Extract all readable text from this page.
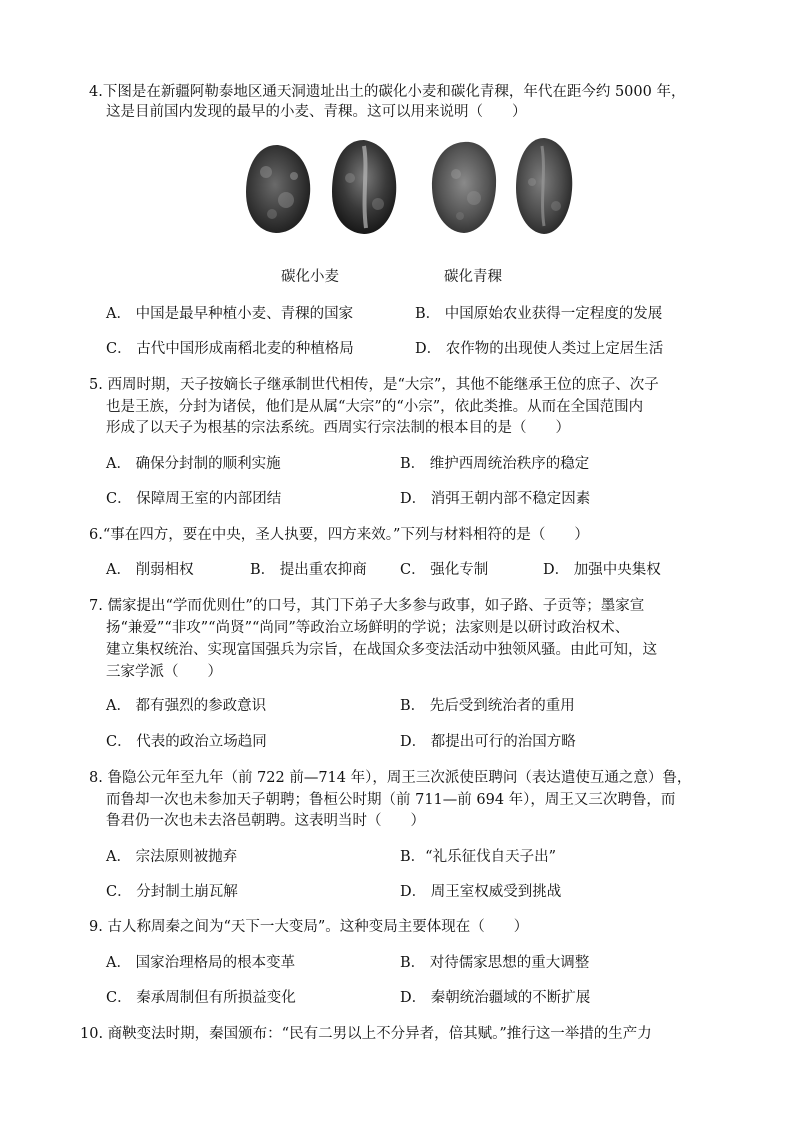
4.下图是在新疆阿勒泰地区通天洞遗址出土的碳化小麦和碳化青稞，年代在距今约 5000 年，
这是目前国内发现的最早的小麦、青稞。这可以用来说明（　　）
碳化小麦	碳化青稞
A． 中国是最早种植小麦、青稞的国家	B． 中国原始农业获得一定程度的发展
C． 古代中国形成南稻北麦的种植格局	D． 农作物的出现使人类过上定居生活
5. 西周时期，天子按嫡长子继承制世代相传，是“大宗”，其他不能继承王位的庶子、次子
也是王族，分封为诸侯，他们是从属“大宗”的“小宗”，依此类推。从而在全国范围内
形成了以天子为根基的宗法系统。西周实行宗法制的根本目的是（　　）
A． 确保分封制的顺利实施	B． 维护西周统治秩序的稳定
C． 保障周王室的内部团结	D． 消弭王朝内部不稳定因素
6.“事在四方，要在中央，圣人执要，四方来效。”下列与材料相符的是（　　）
A． 削弱相权	B． 提出重农抑商 C． 强化专制	D． 加强中央集权
7. 儒家提出“学而优则仕”的口号，其门下弟子大多参与政事，如子路、子贡等；墨家宣
扬“兼爱”“非攻”“尚贤”“尚同”等政治立场鲜明的学说；法家则是以研讨政治权术、
建立集权统治、实现富国强兵为宗旨，在战国众多变法活动中独领风骚。由此可知，这
三家学派（　　）
A． 都有强烈的参政意识	B． 先后受到统治者的重用
C． 代表的政治立场趋同	D． 都提出可行的治国方略
8. 鲁隐公元年至九年（前 722 前—714 年），周王三次派使臣聘问（表达遣使互通之意）鲁，
而鲁却一次也未参加天子朝聘；鲁桓公时期（前 711—前 694 年），周王又三次聘鲁，而
鲁君仍一次也未去洛邑朝聘。这表明当时（　　）
A． 宗法原则被抛弃	B．“礼乐征伐自天子出”
C． 分封制土崩瓦解	D． 周王室权威受到挑战
9. 古人称周秦之间为“天下一大变局”。这种变局主要体现在（　　）
A． 国家治理格局的根本变革	B． 对待儒家思想的重大调整
C． 秦承周制但有所损益变化	D． 秦朝统治疆域的不断扩展
10. 商鞅变法时期，秦国颁布：“民有二男以上不分异者，倍其赋。”推行这一举措的生产力
